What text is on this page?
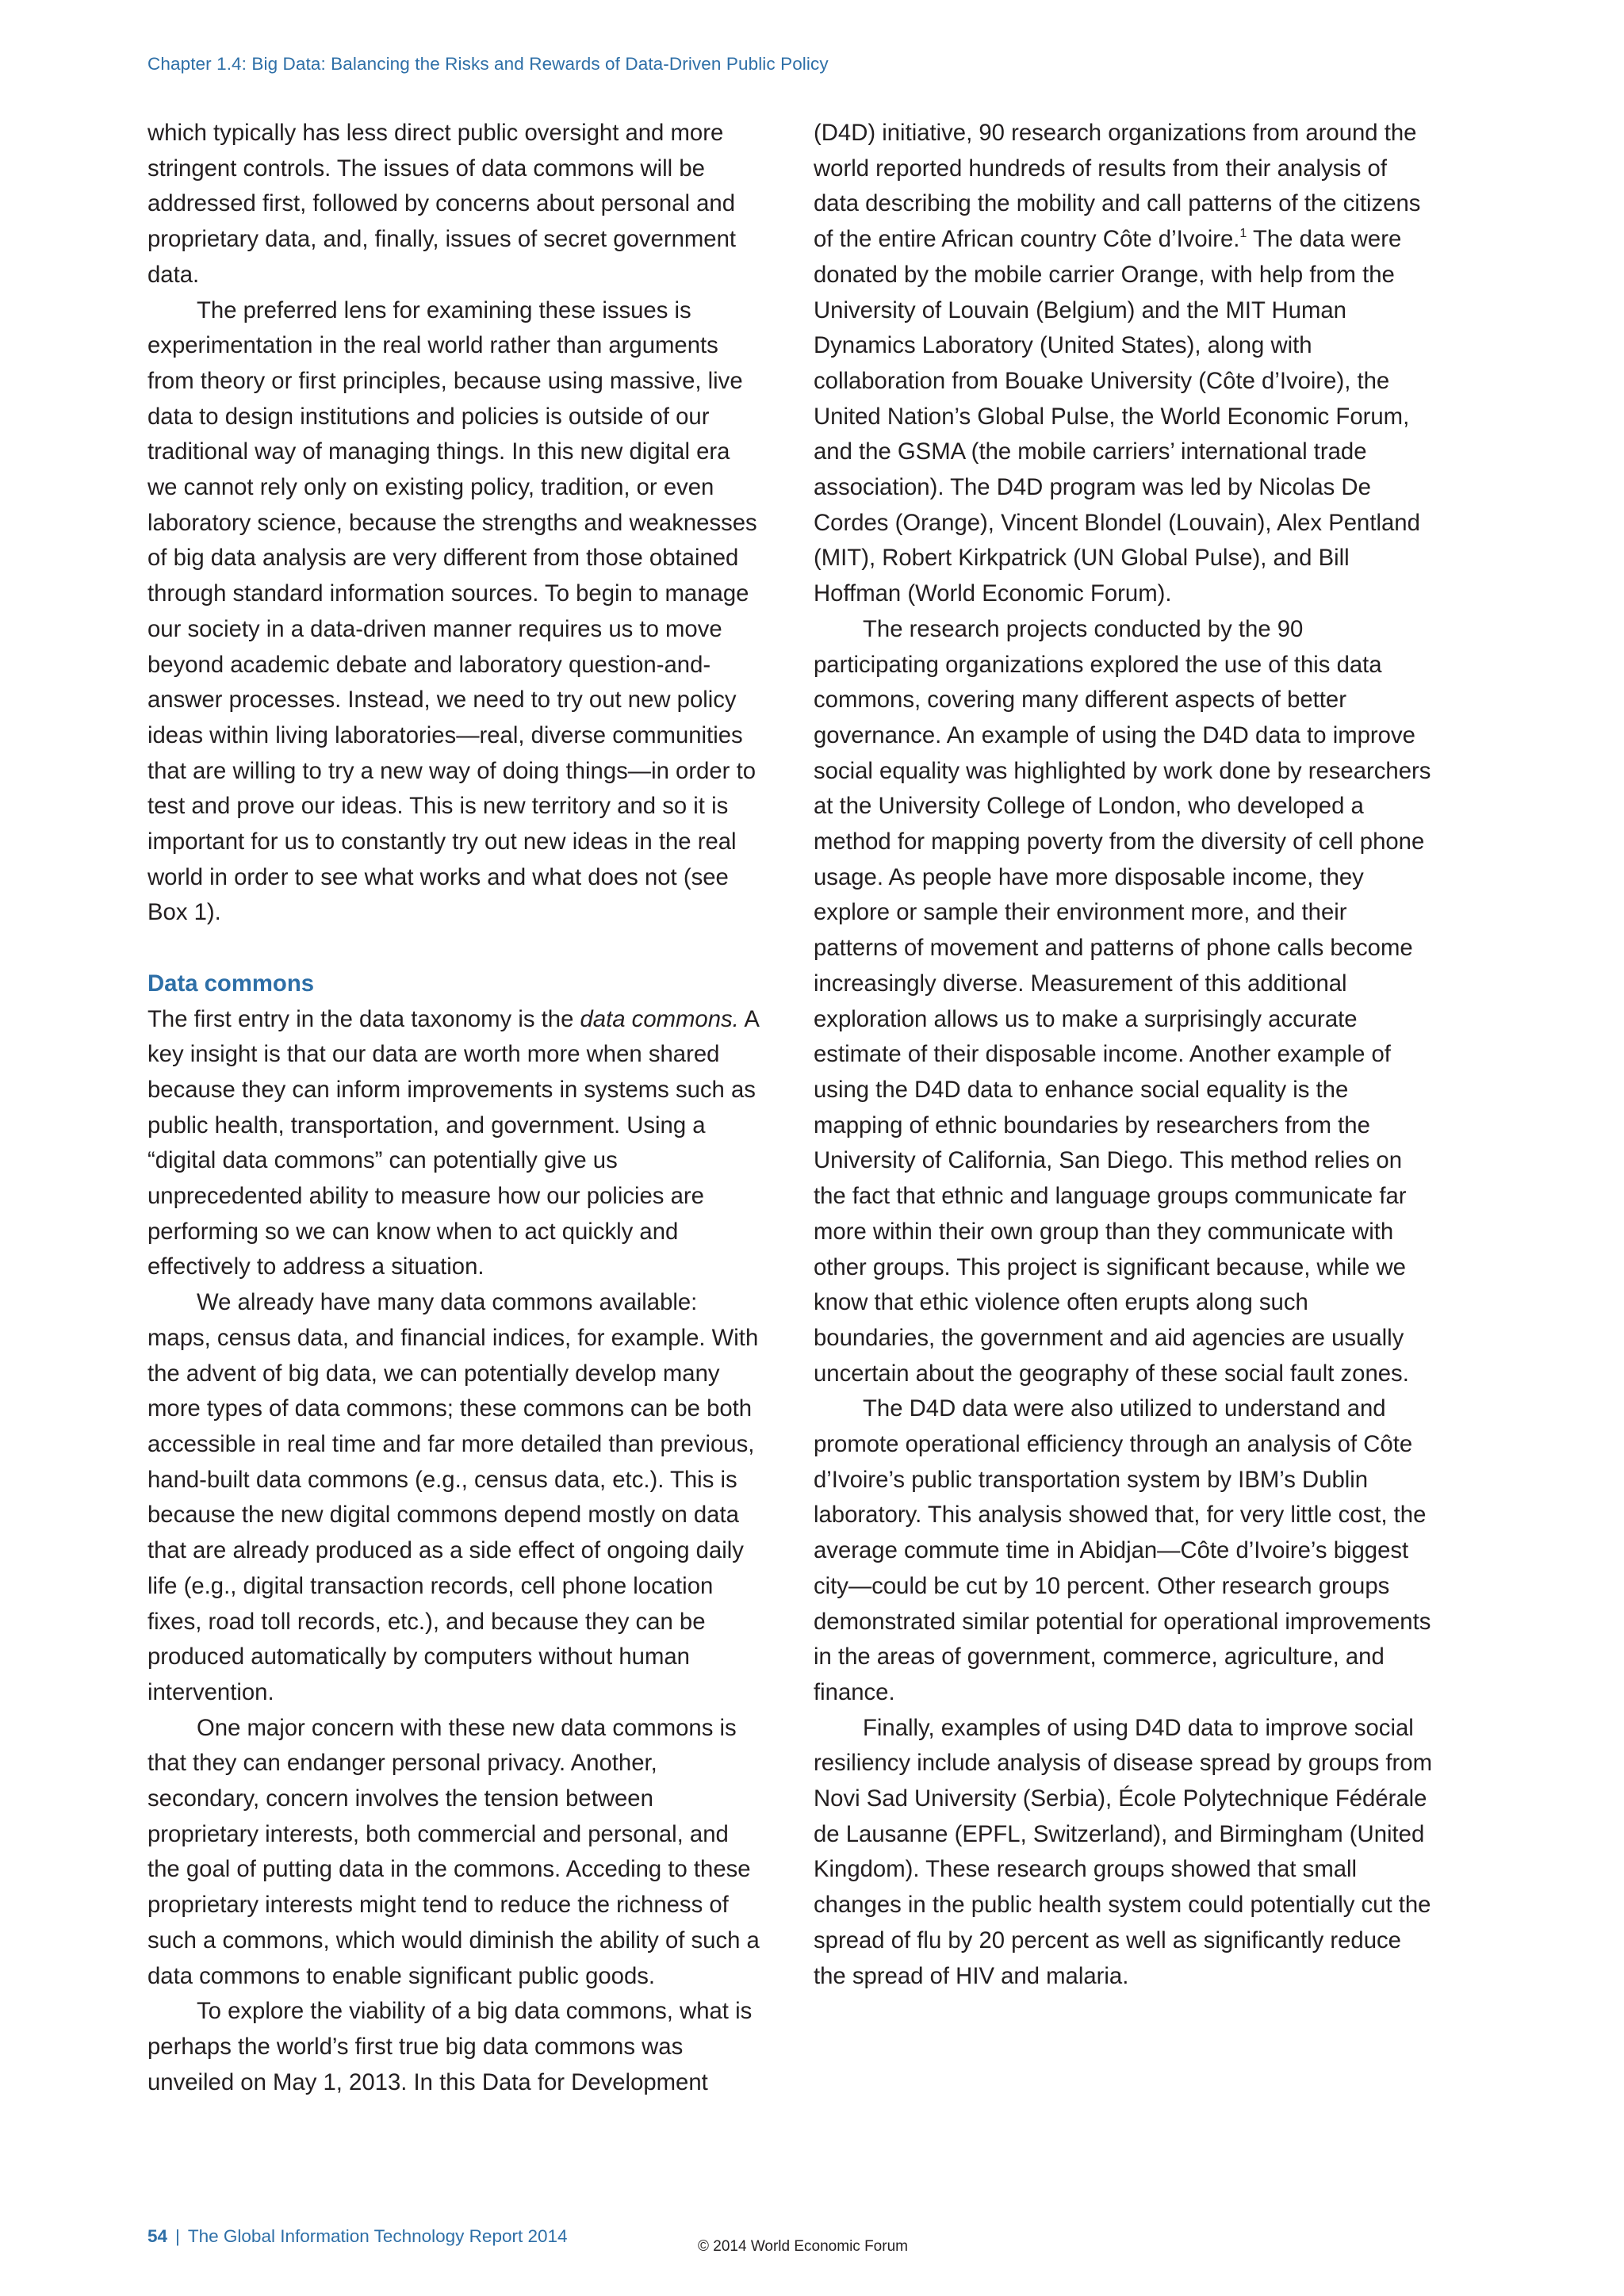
Chapter 1.4: Big Data: Balancing the Risks and Rewards of Data-Driven Public Policy

which typically has less direct public oversight and more stringent controls. The issues of data commons will be addressed first, followed by concerns about personal and proprietary data, and, finally, issues of secret government data.

The preferred lens for examining these issues is experimentation in the real world rather than arguments from theory or first principles, because using massive, live data to design institutions and policies is outside of our traditional way of managing things. In this new digital era we cannot rely only on existing policy, tradition, or even laboratory science, because the strengths and weaknesses of big data analysis are very different from those obtained through standard information sources. To begin to manage our society in a data-driven manner requires us to move beyond academic debate and laboratory question-and-answer processes. Instead, we need to try out new policy ideas within living laboratories—real, diverse communities that are willing to try a new way of doing things—in order to test and prove our ideas. This is new territory and so it is important for us to constantly try out new ideas in the real world in order to see what works and what does not (see Box 1).

Data commons

The first entry in the data taxonomy is the data commons. A key insight is that our data are worth more when shared because they can inform improvements in systems such as public health, transportation, and government. Using a “digital data commons” can potentially give us unprecedented ability to measure how our policies are performing so we can know when to act quickly and effectively to address a situation.

We already have many data commons available: maps, census data, and financial indices, for example. With the advent of big data, we can potentially develop many more types of data commons; these commons can be both accessible in real time and far more detailed than previous, hand-built data commons (e.g., census data, etc.). This is because the new digital commons depend mostly on data that are already produced as a side effect of ongoing daily life (e.g., digital transaction records, cell phone location fixes, road toll records, etc.), and because they can be produced automatically by computers without human intervention.

One major concern with these new data commons is that they can endanger personal privacy. Another, secondary, concern involves the tension between proprietary interests, both commercial and personal, and the goal of putting data in the commons. Acceding to these proprietary interests might tend to reduce the richness of such a commons, which would diminish the ability of such a data commons to enable significant public goods.

To explore the viability of a big data commons, what is perhaps the world’s first true big data commons was unveiled on May 1, 2013. In this Data for Development

(D4D) initiative, 90 research organizations from around the world reported hundreds of results from their analysis of data describing the mobility and call patterns of the citizens of the entire African country Côte d’Ivoire.$^1$ The data were donated by the mobile carrier Orange, with help from the University of Louvain (Belgium) and the MIT Human Dynamics Laboratory (United States), along with collaboration from Bouake University (Côte d’Ivoire), the United Nation’s Global Pulse, the World Economic Forum, and the GSMA (the mobile carriers’ international trade association). The D4D program was led by Nicolas De Cordes (Orange), Vincent Blondel (Louvain), Alex Pentland (MIT), Robert Kirkpatrick (UN Global Pulse), and Bill Hoffman (World Economic Forum).

The research projects conducted by the 90 participating organizations explored the use of this data commons, covering many different aspects of better governance. An example of using the D4D data to improve social equality was highlighted by work done by researchers at the University College of London, who developed a method for mapping poverty from the diversity of cell phone usage. As people have more disposable income, they explore or sample their environment more, and their patterns of movement and patterns of phone calls become increasingly diverse. Measurement of this additional exploration allows us to make a surprisingly accurate estimate of their disposable income. Another example of using the D4D data to enhance social equality is the mapping of ethnic boundaries by researchers from the University of California, San Diego. This method relies on the fact that ethnic and language groups communicate far more within their own group than they communicate with other groups. This project is significant because, while we know that ethic violence often erupts along such boundaries, the government and aid agencies are usually uncertain about the geography of these social fault zones.

The D4D data were also utilized to understand and promote operational efficiency through an analysis of Côte d’Ivoire’s public transportation system by IBM’s Dublin laboratory. This analysis showed that, for very little cost, the average commute time in Abidjan—Côte d’Ivoire’s biggest city—could be cut by 10 percent. Other research groups demonstrated similar potential for operational improvements in the areas of government, commerce, agriculture, and finance.

Finally, examples of using D4D data to improve social resiliency include analysis of disease spread by groups from Novi Sad University (Serbia), École Polytechnique Fédérale de Lausanne (EPFL, Switzerland), and Birmingham (United Kingdom). These research groups showed that small changes in the public health system could potentially cut the spread of flu by 20 percent as well as significantly reduce the spread of HIV and malaria.

54 | The Global Information Technology Report 2014
© 2014 World Economic Forum
